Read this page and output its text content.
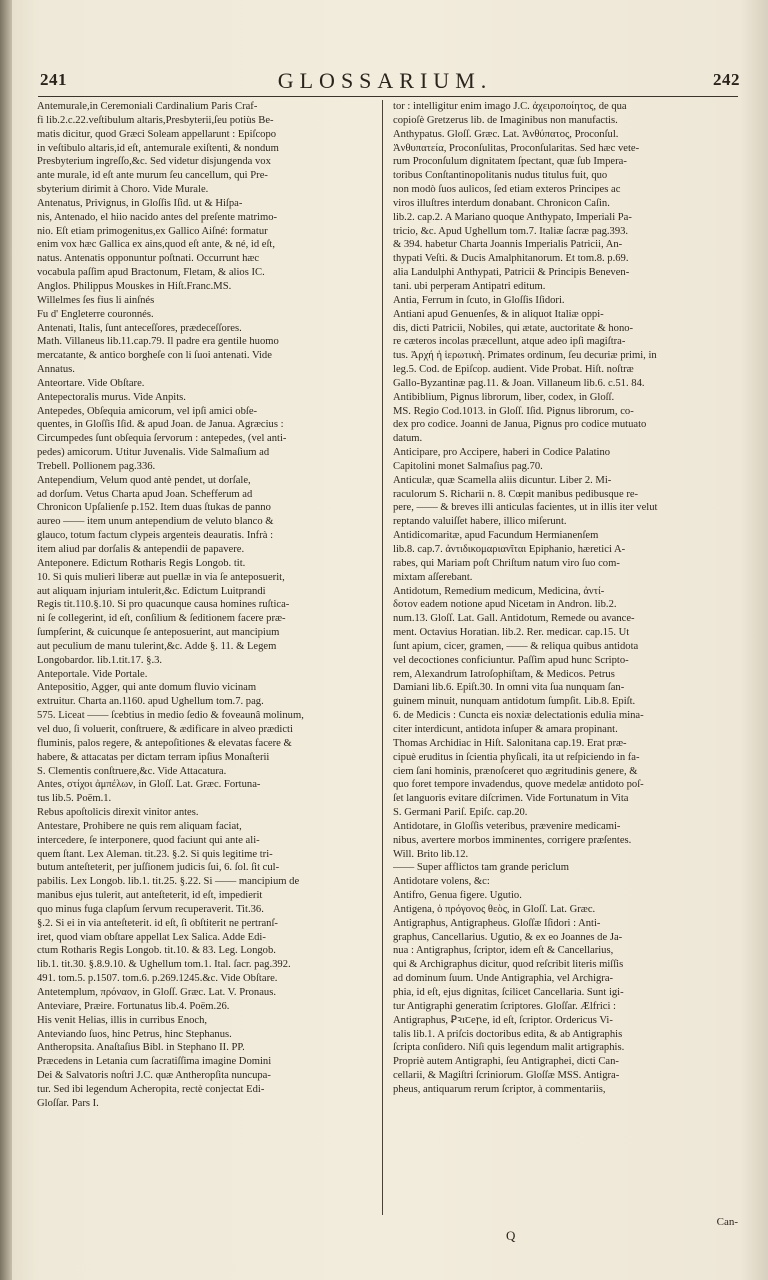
241	GLOSSARIUM.	242
Antemurale,in Ceremoniali Cardinalium Paris Craf-
fi lib.2.c.22.veſtibulum altaris,Presbyterii,ſeu potiùs Be-
matis dicitur, quod Græci Soleam appellarunt : Epiſcopo
in veſtibulo altaris,id eſt, antemurale exiſtenti, & nondum
Presbyterium ingreſſo,&c. Sed videtur disjungenda vox
ante murale, id eſt ante murum ſeu cancellum, qui Pre-
sbyterium dirimit à Choro. Vide Murale.
Antenatus, Privignus, in Gloſſis Iſid. ut & Hiſpa-
nis, Antenado, el hiio nacido antes del preſente matrimo-
nio. Eſt etiam primogenitus,ex Gallico Aiſné: formatur
enim vox hæc Gallica ex ains,quod eſt ante, & né, id eſt,
natus. Antenatis opponuntur poſtnati. Occurrunt hæc
vocabula paſſim apud Bractonum, Fletam, & alios IC.
Anglos. Philippus Mouskes in Hiſt.Franc.MS.
Willelmes ſes fius li ainſnés
Fu d' Engleterre couronnés.
Antenati, Italis, ſunt anteceſſores, prædeceſſores.
Math. Villaneus lib.11.cap.79. Il padre era gentile huomo
mercatante, & antico borgheſe con li ſuoi antenati. Vide
Annatus.
Anteortare. Vide Obſtare.
Antepectoralis murus. Vide Anpits.
Antepedes, Obſequia amicorum, vel ipſi amici obſe-
quentes, in Gloſſis Iſid. & apud Joan. de Janua. Agræcius :
Circumpedes ſunt obſequia ſervorum : antepedes, (vel anti-
pedes) amicorum. Utitur Juvenalis. Vide Salmaſium ad
Trebell. Pollionem pag.336.
Antependium, Velum quod antè pendet, ut dorſale,
ad dorſum. Vetus Charta apud Joan. Schefferum ad
Chronicon Upſalienſe p.152. Item duas ſtukas de panno
aureo —— item unum antependium de veluto blanco &
glauco, totum factum clypeis argenteis deauratis. Infrà :
item aliud par dorſalis & antependii de papavere.
Anteponere. Edictum Rotharis Regis Longob. tit.
10. Si quis mulieri liberæ aut puellæ in via ſe anteposuerit,
aut aliquam injuriam intulerit,&c. Edictum Luitprandi
Regis tit.110.§.10. Si pro quacunque causa homines ruſtica-
ni ſe collegerint, id eſt, conſilium & ſeditionem facere præ-
ſumpſerint, & cuicunque ſe anteposuerint, aut mancipium
aut peculium de manu tulerint,&c. Adde §. 11. & Legem
Longobardor. lib.1.tit.17. §.3.
Anteportale. Vide Portale.
Antepositio, Agger, qui ante domum fluvio vicinam
extruitur. Charta an.1160. apud Ughellum tom.7. pag.
575. Liceat —— ſcebtius in medio ſedio & foveaunâ molinum,
vel duo, ſi voluerit, conſtruere, & ædificare in alveo prædicti
fluminis, palos regere, & antepoſitiones & elevatas facere &
habere, & attacatas per dictam terram ipſius Monaſterii
S. Clementis conſtruere,&c. Vide Attacatura.
Antes, στίχοι ἀμπέλων, in Gloſſ. Lat. Græc. Fortuna-
tus lib.5. Poëm.1.
Rebus apoſtolicis direxit vinitor antes.
Antestare, Prohibere ne quis rem aliquam faciat,
intercedere, ſe interponere, quod faciunt qui ante ali-
quem ſtant. Lex Aleman. tit.23. §.2. Si quis legitime tri-
butum anteſteterit, per juſſionem judicis ſui, 6. ſol. ſit cul-
pabilis. Lex Longob. lib.1. tit.25. §.22. Si —— mancipium de
manibus ejus tulerit, aut anteſteterit, id eſt, impedierit
quo minus fuga clapſum ſervum recuperaverit. Tit.36.
§.2. Si ei in via anteſteterit. id eſt, ſi obſtiterit ne pertranſ-
iret, quod viam obſtare appellat Lex Salica. Adde Edi-
ctum Rotharis Regis Longob. tit.10. & 83. Leg. Longob.
lib.1. tit.30. §.8.9.10. & Ughellum tom.1. Ital. ſacr. pag.392.
491. tom.5. p.1507. tom.6. p.269.1245.&c. Vide Obſtare.
Antetemplum, πρόναον, in Gloſſ. Græc. Lat. V. Pronaus.
Anteviare, Præire. Fortunatus lib.4. Poëm.26.
His venit Helias, illis in curribus Enoch,
Anteviando ſuos, hinc Petrus, hinc Stephanus.
Antheropsita. Anaſtaſius Bibl. in Stephano II. PP.
Præcedens in Letania cum ſacratiſſima imagine Domini
Dei & Salvatoris noſtri J.C. quæ Antheropſita nuncupa-
tur. Sed ibi legendum Acheropita, rectè conjectat Edi-
Gloſſar. Pars I.
tor : intelligitur enim imago J.C. ἀχειροποίητος, de qua
copioſè Gretzerus lib. de Imaginibus non manufactis.
Anthypatus. Gloſſ. Græc. Lat. Ἀνθύπατος, Proconſul.
Ἀνθυπατεία, Proconſulitas, Proconſularitas. Sed hæc vete-
rum Proconſulum dignitatem ſpectant, quæ ſub Impera-
toribus Conſtantinopolitanis nudus titulus fuit, quo
non modò ſuos aulicos, ſed etiam exteros Principes ac
viros illuſtres interdum donabant. Chronicon Caſin.
lib.2. cap.2. A Mariano quoque Anthypato, Imperiali Pa-
tricio, &c. Apud Ughellum tom.7. Italiæ ſacræ pag.393.
& 394. habetur Charta Joannis Imperialis Patricii, An-
thypati Veſti. & Ducis Amalphitanorum. Et tom.8. p.69.
alia Landulphi Anthypati, Patricii & Principis Beneven-
tani. ubi perperam Antipatri editum.
Antia, Ferrum in ſcuto, in Gloſſis Iſidori.
Antiani apud Genuenſes, & in aliquot Italiæ oppi-
dis, dicti Patricii, Nobiles, qui ætate, auctoritate & hono-
re cæteros incolas præcellunt, atque adeo ipſi magiſtra-
tus. Ἀρχή ἡ ἱερωτικὴ. Primates ordinum, ſeu decuriæ primi, in
leg.5. Cod. de Epiſcop. audient. Vide Probat. Hiſt. noſtræ
Gallo-Byzantinæ pag.11. & Joan. Villaneum lib.6. c.51. 84.
Antibiblium, Pignus librorum, liber, codex, in Gloſſ.
MS. Regio Cod.1013. in Gloſſ. Iſid. Pignus librorum, co-
dex pro codice. Joanni de Janua, Pignus pro codice mutuato
datum.
Anticipare, pro Accipere, haberi in Codice Palatino
Capitolini monet Salmaſius pag.70.
Anticulæ, quæ Scamella aliis dicuntur. Liber 2. Mi-
raculorum S. Richarii n. 8. Cœpit manibus pedibusque re-
pere, —— & breves illi anticulas facientes, ut in illis iter velut
reptando valuiſſet habere, illico miſerunt.
Antidicomaritæ, apud Facundum Hermianenſem
lib.8. cap.7. ἀντιδικομαριανῖται Epiphanio, hæretici A-
rabes, qui Mariam poſt Chriſtum natum viro ſuo com-
mixtam aſſerebant.
Antidotum, Remedium medicum, Medicina, ἀντί-
δοτον eadem notione apud Nicetam in Andron. lib.2.
num.13. Gloſſ. Lat. Gall. Antidotum, Remede ou avance-
ment. Octavius Horatian. lib.2. Rer. medicar. cap.15. Ut
ſunt apium, cicer, gramen, —— & reliqua quibus antidota
vel decoctiones conficiuntur. Paſſim apud hunc Scripto-
rem, Alexandrum Iatroſophiſtam, & Medicos. Petrus
Damiani lib.6. Epiſt.30. In omni vita ſua nunquam ſan-
guinem minuit, nunquam antidotum ſumpſit. Lib.8. Epiſt.
6. de Medicis : Cuncta eis noxiæ delectationis edulia mina-
citer interdicunt, antidota inſuper & amara propinant.
Thomas Archidiac in Hiſt. Salonitana cap.19. Erat præ-
cipuè eruditus in ſcientia phyſicali, ita ut reſpiciendo in fa-
ciem ſani hominis, prænoſceret quo ægritudinis genere, &
quo foret tempore invadendus, quove medelæ antidoto poſ-
ſet languoris evitare diſcrimen. Vide Fortunatum in Vita
S. Germani Pariſ. Epiſc. cap.20.
Antidotare, in Gloſſis veteribus, prævenire medicami-
nibus, avertere morbos imminentes, corrigere præſentes.
Will. Brito lib.12.
—— Super afflictos tam grande periclum
Antidotare volens, &c:
Antifro, Genua figere. Ugutio.
Antigena, ὁ πρόγονος θεὸς, in Gloſſ. Lat. Græc.
Antigraphus, Antigrapheus. Gloſſæ Iſidori : Anti-
graphus, Cancellarius. Ugutio, & ex eo Joannes de Ja-
nua : Antigraphus, ſcriptor, idem eſt & Cancellarius,
qui & Archigraphus dicitur, quod reſcribit literis miſſis
ad dominum ſuum. Unde Antigraphia, vel Archigra-
phia, id eſt, ejus dignitas, ſcilicet Cancellaria. Sunt igi-
tur Antigraphi generatim ſcriptores. Gloſſar. Ælfrici :
Antigraphus, Ꝑꝛıꞇeꞃe, id eſt, ſcriptor. Ordericus Vi-
talis lib.1. A priſcis doctoribus edita, & ab Antigraphis
ſcripta conſidero. Niſi quis legendum malit artigraphis.
Propriè autem Antigraphi, ſeu Antigraphei, dicti Can-
cellarii, & Magiſtri ſcriniorum. Gloſſæ MSS. Antigra-
pheus, antiquarum rerum ſcriptor, à commentariis,
Q
Can-
